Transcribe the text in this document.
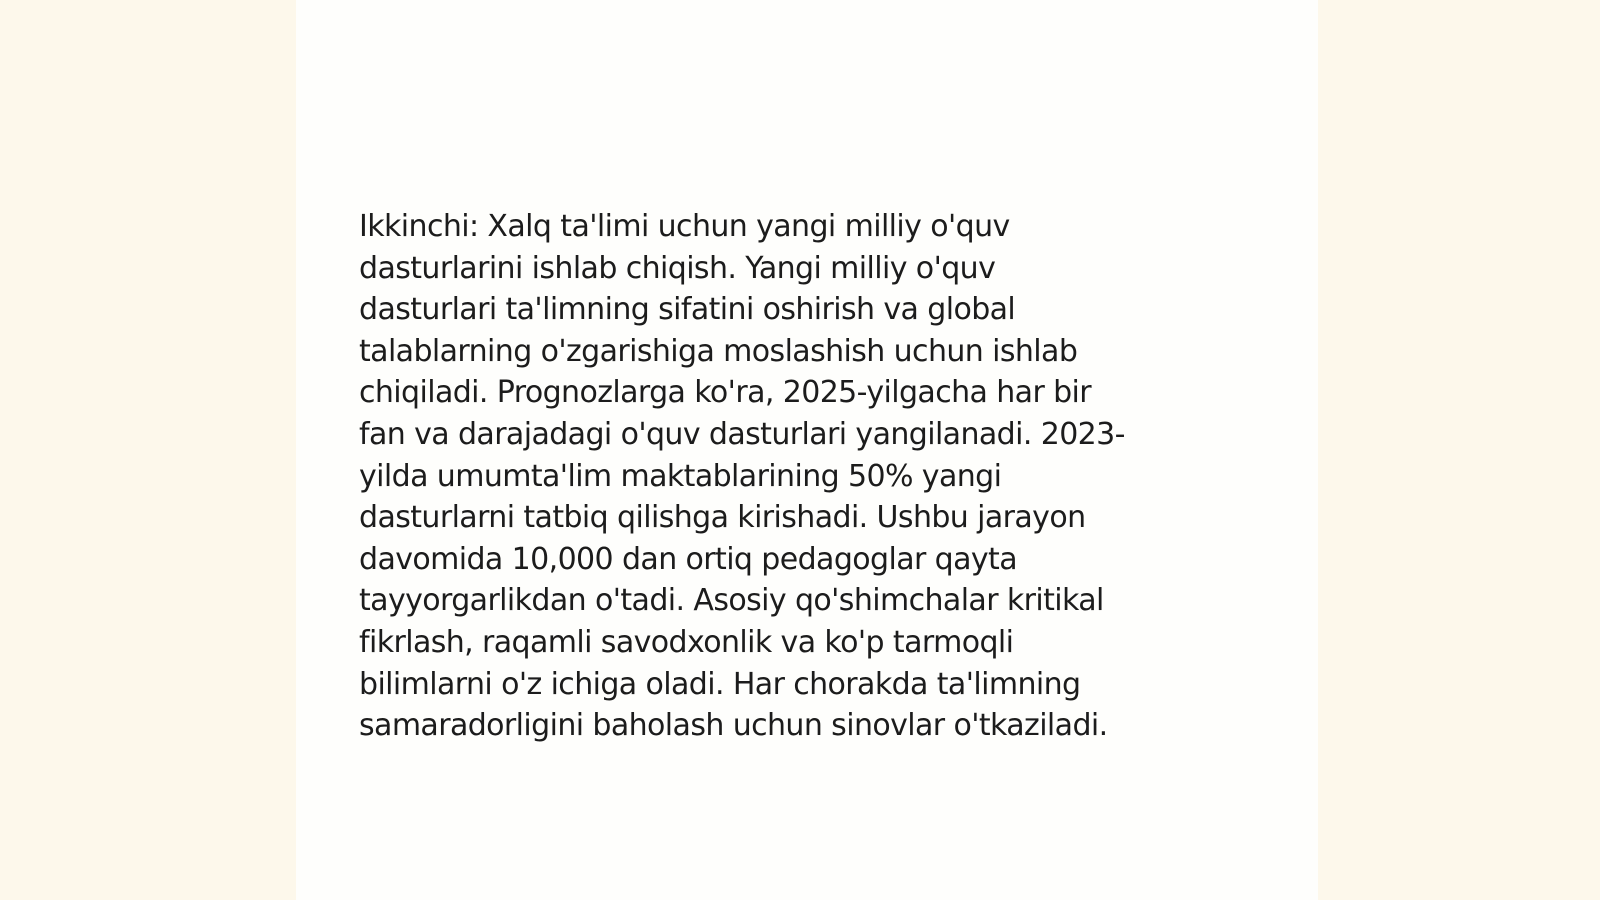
Ikkinchi: Xalq ta'limi uchun yangi milliy o'quv
dasturlarini ishlab chiqish. Yangi milliy o'quv
dasturlari ta'limning sifatini oshirish va global
talablarning o'zgarishiga moslashish uchun ishlab
chiqiladi. Prognozlarga ko'ra, 2025-yilgacha har bir
fan va darajadagi o'quv dasturlari yangilanadi. 2023-
yilda umumta'lim maktablarining 50% yangi
dasturlarni tatbiq qilishga kirishadi. Ushbu jarayon
davomida 10,000 dan ortiq pedagoglar qayta
tayyorgarlikdan o'tadi. Asosiy qo'shimchalar kritikal
fikrlash, raqamli savodxonlik va ko'p tarmoqli
bilimlarni o'z ichiga oladi. Har chorakda ta'limning
samaradorligini baholash uchun sinovlar o'tkaziladi.
